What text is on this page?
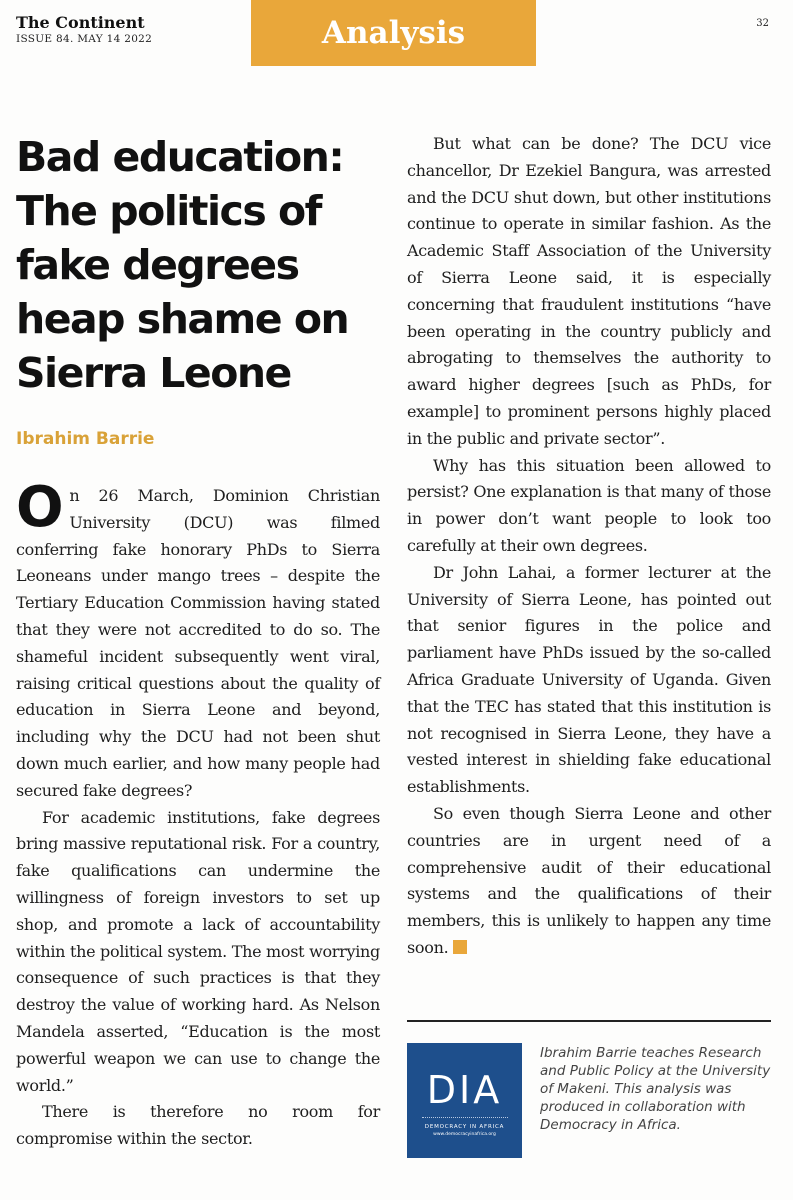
The Continent
ISSUE 84. MAY 14 2022	Analysis	32
Bad education: The politics of fake degrees heap shame on Sierra Leone
Ibrahim Barrie

On 26 March, Dominion Christian University (DCU) was filmed conferring fake honorary PhDs to Sierra Leoneans under mango trees – despite the Tertiary Education Commission having stated that they were not accredited to do so. The shameful incident subsequently went viral, raising critical questions about the quality of education in Sierra Leone and beyond, including why the DCU had not been shut down much earlier, and how many people had secured fake degrees?

For academic institutions, fake degrees bring massive reputational risk. For a country, fake qualifications can undermine the willingness of foreign investors to set up shop, and promote a lack of accountability within the political system. The most worrying consequence of such practices is that they destroy the value of working hard. As Nelson Mandela asserted, “Education is the most powerful weapon we can use to change the world.”

There is therefore no room for compromise within the sector.

But what can be done? The DCU vice chancellor, Dr Ezekiel Bangura, was arrested and the DCU shut down, but other institutions continue to operate in similar fashion. As the Academic Staff Association of the University of Sierra Leone said, it is especially concerning that fraudulent institutions “have been operating in the country publicly and abrogating to themselves the authority to award higher degrees [such as PhDs, for example] to prominent persons highly placed in the public and private sector”.

Why has this situation been allowed to persist? One explanation is that many of those in power don’t want people to look too carefully at their own degrees.

Dr John Lahai, a former lecturer at the University of Sierra Leone, has pointed out that senior figures in the police and parliament have PhDs issued by the so-called Africa Graduate University of Uganda. Given that the TEC has stated that this institution is not recognised in Sierra Leone, they have a vested interest in shielding fake educational establishments.

So even though Sierra Leone and other countries are in urgent need of a comprehensive audit of their educational systems and the qualifications of their members, this is unlikely to happen any time soon.

DIA
DEMOCRACY IN AFRICA
www.democracyinafrica.org
Ibrahim Barrie teaches Research and Public Policy at the University of Makeni. This analysis was produced in collaboration with Democracy in Africa.
